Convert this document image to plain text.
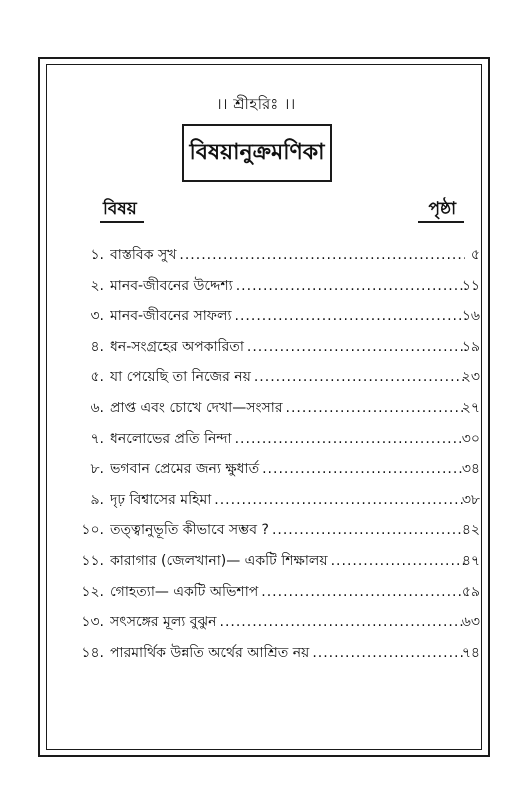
।। শ্রীহরিঃ ।।
বিষয়ানুক্রমণিকা
বিষয়	পৃষ্ঠা
১. বাস্তবিক সুখ .....	৫
২. মানব-জীবনের উদ্দেশ্য .....	১১
৩. মানব-জীবনের সাফল্য .....	১৬
৪. ধন-সংগ্রহের অপকারিতা .....	১৯
৫. যা পেয়েছি তা নিজের নয় .....	২৩
৬. প্রাপ্ত এবং চোখে দেখা—সংসার .....	২৭
৭. ধনলোভের প্রতি নিন্দা .....	৩০
৮. ভগবান প্রেমের জন্য ক্ষুধার্ত .....	৩৪
৯. দৃঢ় বিশ্বাসের মহিমা .....	৩৮
১০. তত্ত্বানুভূতি কীভাবে সম্ভব ? .....	৪২
১১. কারাগার (জেলখানা)— একটি শিক্ষালয় .....	৪৭
১২. গোহত্যা— একটি অভিশাপ .....	৫৯
১৩. সৎসঙ্গের মূল্য বুঝুন .....	৬৩
১৪. পারমার্থিক উন্নতি অর্থের আশ্রিত নয় .....	৭৪
